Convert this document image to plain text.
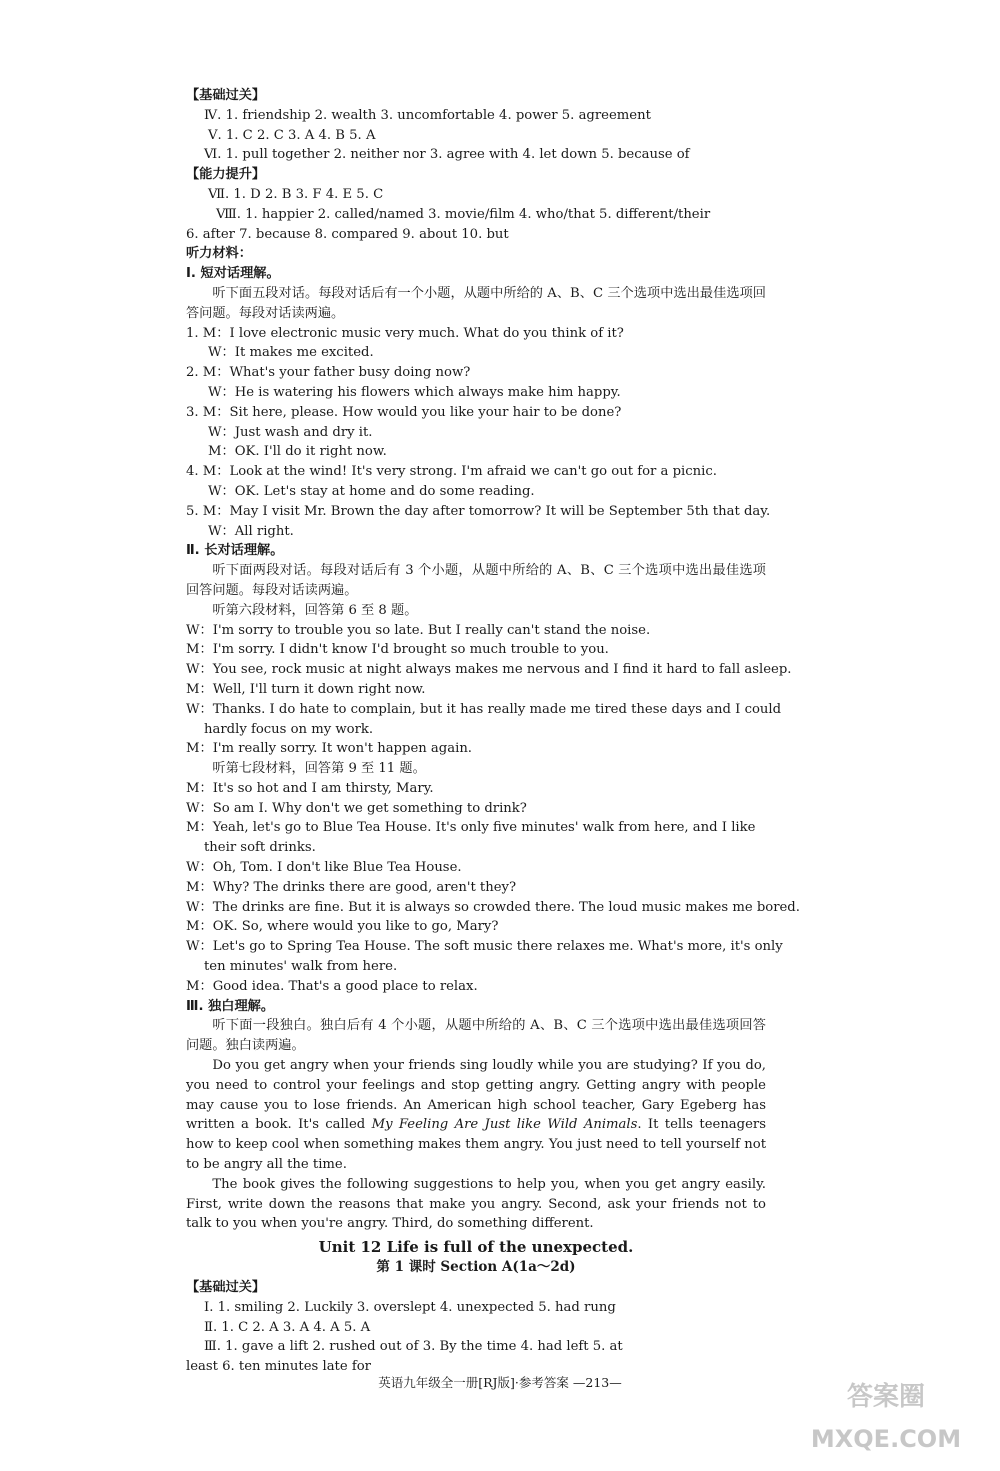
【基础过关】
Ⅳ. 1. friendship 2. wealth 3. uncomfortable 4. power 5. agreement
Ⅴ. 1. C 2. C 3. A 4. B 5. A
Ⅵ. 1. pull together 2. neither nor 3. agree with 4. let down 5. because of
【能力提升】
Ⅶ. 1. D 2. B 3. F 4. E 5. C
Ⅷ. 1. happier 2. called/named 3. movie/film 4. who/that 5. different/their
6. after 7. because 8. compared 9. about 10. but
听力材料：
Ⅰ. 短对话理解。
听下面五段对话。每段对话后有一个小题，从题中所给的 A、B、C 三个选项中选出最佳选项回答问题。每段对话读两遍。
1. M：I love electronic music very much. What do you think of it?
W：It makes me excited.
2. M：What's your father busy doing now?
W：He is watering his flowers which always make him happy.
3. M：Sit here, please. How would you like your hair to be done?
W：Just wash and dry it.
M：OK. I'll do it right now.
4. M：Look at the wind! It's very strong. I'm afraid we can't go out for a picnic.
W：OK. Let's stay at home and do some reading.
5. M：May I visit Mr. Brown the day after tomorrow? It will be September 5th that day.
W：All right.
Ⅱ. 长对话理解。
听下面两段对话。每段对话后有 3 个小题，从题中所给的 A、B、C 三个选项中选出最佳选项回答问题。每段对话读两遍。
听第六段材料，回答第 6 至 8 题。
W：I'm sorry to trouble you so late. But I really can't stand the noise.
M：I'm sorry. I didn't know I'd brought so much trouble to you.
W：You see, rock music at night always makes me nervous and I find it hard to fall asleep.
M：Well, I'll turn it down right now.
W：Thanks. I do hate to complain, but it has really made me tired these days and I could
hardly focus on my work.
M：I'm really sorry. It won't happen again.
听第七段材料，回答第 9 至 11 题。
M：It's so hot and I am thirsty, Mary.
W：So am I. Why don't we get something to drink?
M：Yeah, let's go to Blue Tea House. It's only five minutes' walk from here, and I like
their soft drinks.
W：Oh, Tom. I don't like Blue Tea House.
M：Why? The drinks there are good, aren't they?
W：The drinks are fine. But it is always so crowded there. The loud music makes me bored.
M：OK. So, where would you like to go, Mary?
W：Let's go to Spring Tea House. The soft music there relaxes me. What's more, it's only
ten minutes' walk from here.
M：Good idea. That's a good place to relax.
Ⅲ. 独白理解。
听下面一段独白。独白后有 4 个小题，从题中所给的 A、B、C 三个选项中选出最佳选项回答问题。独白读两遍。
Do you get angry when your friends sing loudly while you are studying? If you do, you need to control your feelings and stop getting angry. Getting angry with people may cause you to lose friends. An American high school teacher, Gary Egeberg has written a book. It's called My Feeling Are Just like Wild Animals. It tells teenagers how to keep cool when something makes them angry. You just need to tell yourself not to be angry all the time.
The book gives the following suggestions to help you, when you get angry easily. First, write down the reasons that make you angry. Second, ask your friends not to talk to you when you're angry. Third, do something different.
Unit 12 Life is full of the unexpected.
第 1 课时 Section A(1a～2d)
【基础过关】
Ⅰ. 1. smiling 2. Luckily 3. overslept 4. unexpected 5. had rung
Ⅱ. 1. C 2. A 3. A 4. A 5. A
Ⅲ. 1. gave a lift 2. rushed out of 3. By the time 4. had left 5. at
least 6. ten minutes late for
英语九年级全一册[RJ版]·参考答案 —213—	答案圈
MXQE.COM
